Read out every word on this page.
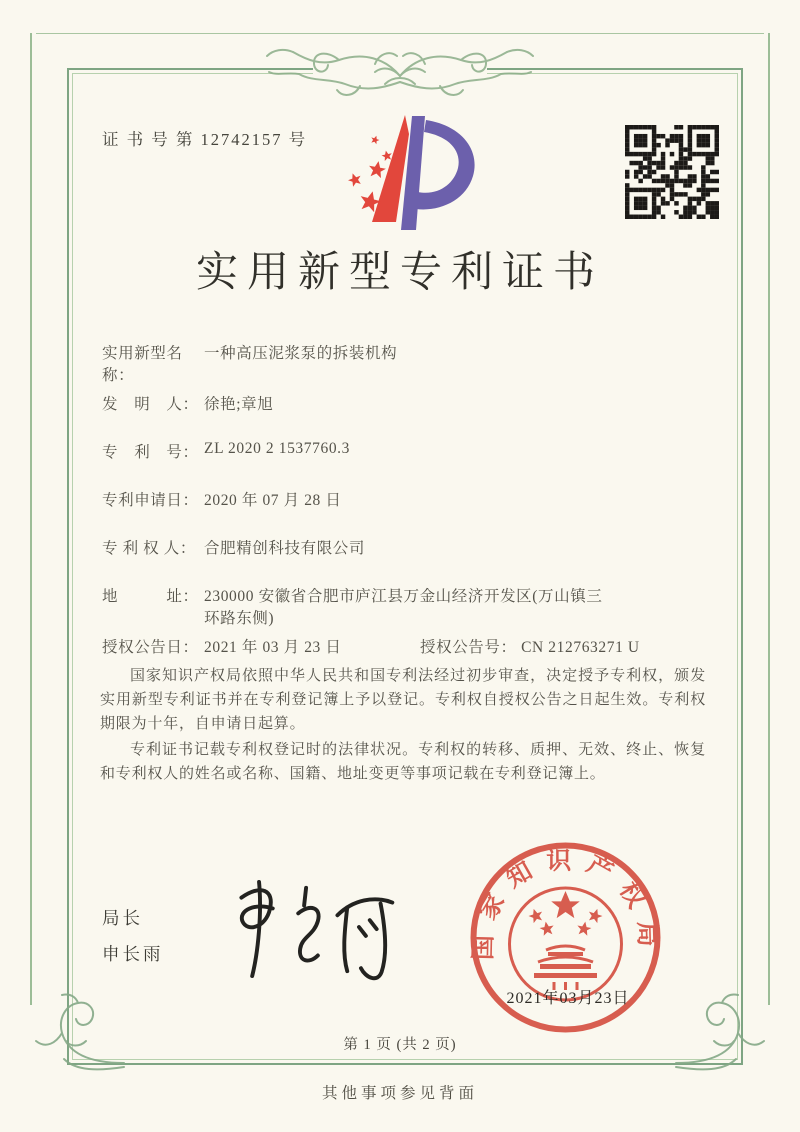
证 书 号 第 12742157 号
实用新型专利证书
实用新型名称：
一种高压泥浆泵的拆装机构
发　明　人： 徐艳;章旭
专　利　号： ZL 2020 2 1537760.3
专利申请日： 2020 年 07 月 28 日
专 利 权 人： 合肥精创科技有限公司
地　　　址： 230000 安徽省合肥市庐江县万金山经济开发区(万山镇三
环路东侧)
授权公告日： 2021 年 03 月 23 日	授权公告号： CN 212763271 U

国家知识产权局依照中华人民共和国专利法经过初步审查，决定授予专利权，颁发实用新型专利证书并在专利登记簿上予以登记。专利权自授权公告之日起生效。专利权期限为十年，自申请日起算。

专利证书记载专利权登记时的法律状况。专利权的转移、质押、无效、终止、恢复和专利权人的姓名或名称、国籍、地址变更等事项记载在专利登记簿上。

局长
申长雨	国家知识产权局
2021年03月23日
第 1 页 (共 2 页)
其他事项参见背面
